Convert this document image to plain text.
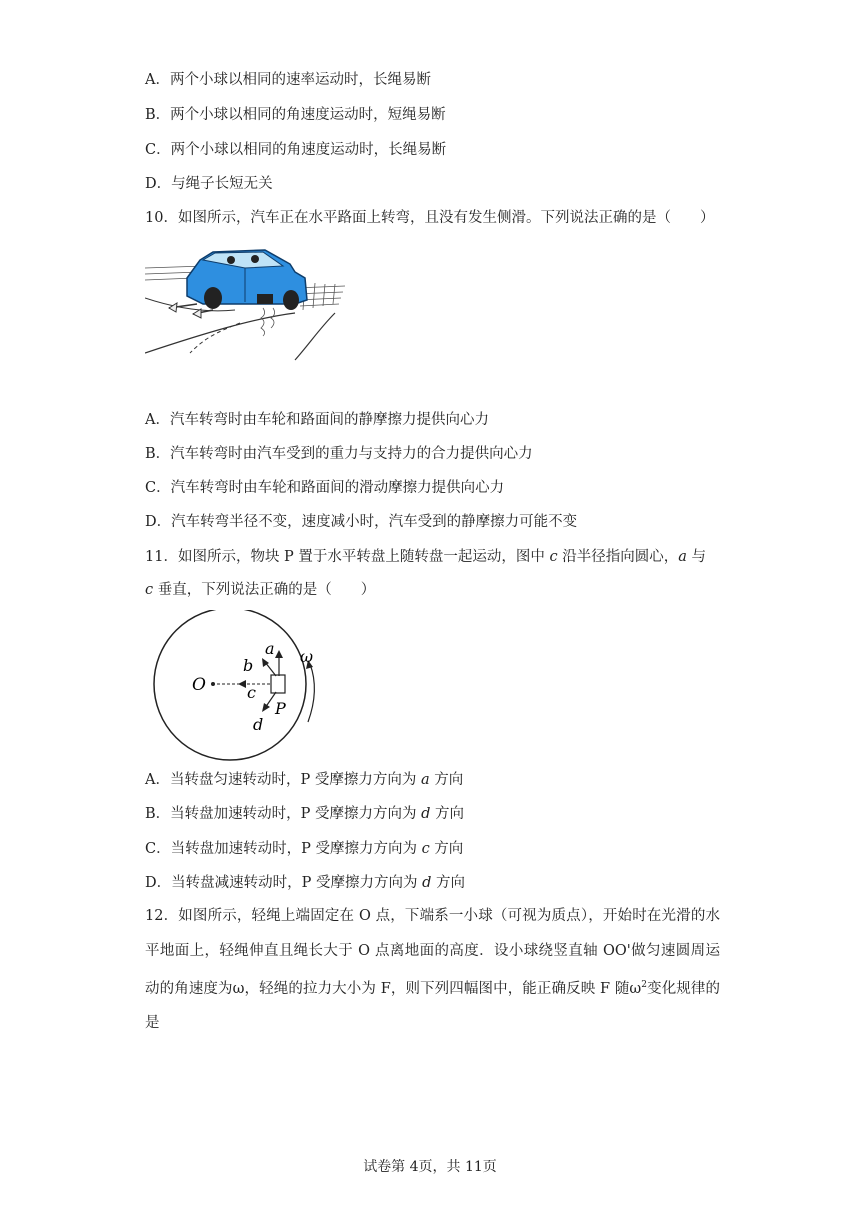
A．两个小球以相同的速率运动时，长绳易断
B．两个小球以相同的角速度运动时，短绳易断
C．两个小球以相同的角速度运动时，长绳易断
D．与绳子长短无关
10．如图所示，汽车正在水平路面上转弯，且没有发生侧滑。下列说法正确的是（　　）
A．汽车转弯时由车轮和路面间的静摩擦力提供向心力
B．汽车转弯时由汽车受到的重力与支持力的合力提供向心力
C．汽车转弯时由车轮和路面间的滑动摩擦力提供向心力
D．汽车转弯半径不变，速度减小时，汽车受到的静摩擦力可能不变
11．如图所示，物块 P 置于水平转盘上随转盘一起运动，图中 c 沿半径指向圆心，a 与
c 垂直，下列说法正确的是（　　）
O
a
b
c
d
P
ω
A．当转盘匀速转动时，P 受摩擦力方向为 a 方向
B．当转盘加速转动时，P 受摩擦力方向为 d 方向
C．当转盘加速转动时，P 受摩擦力方向为 c 方向
D．当转盘减速转动时，P 受摩擦力方向为 d 方向
12．如图所示，轻绳上端固定在 O 点，下端系一小球（可视为质点），开始时在光滑的水平地面上，轻绳伸直且绳长大于 O 点离地面的高度．设小球绕竖直轴 OO'做匀速圆周运动的角速度为ω，轻绳的拉力大小为 F，则下列四幅图中，能正确反映 F 随$\omega^2$变化规律的是
试卷第 4页，共 11页
